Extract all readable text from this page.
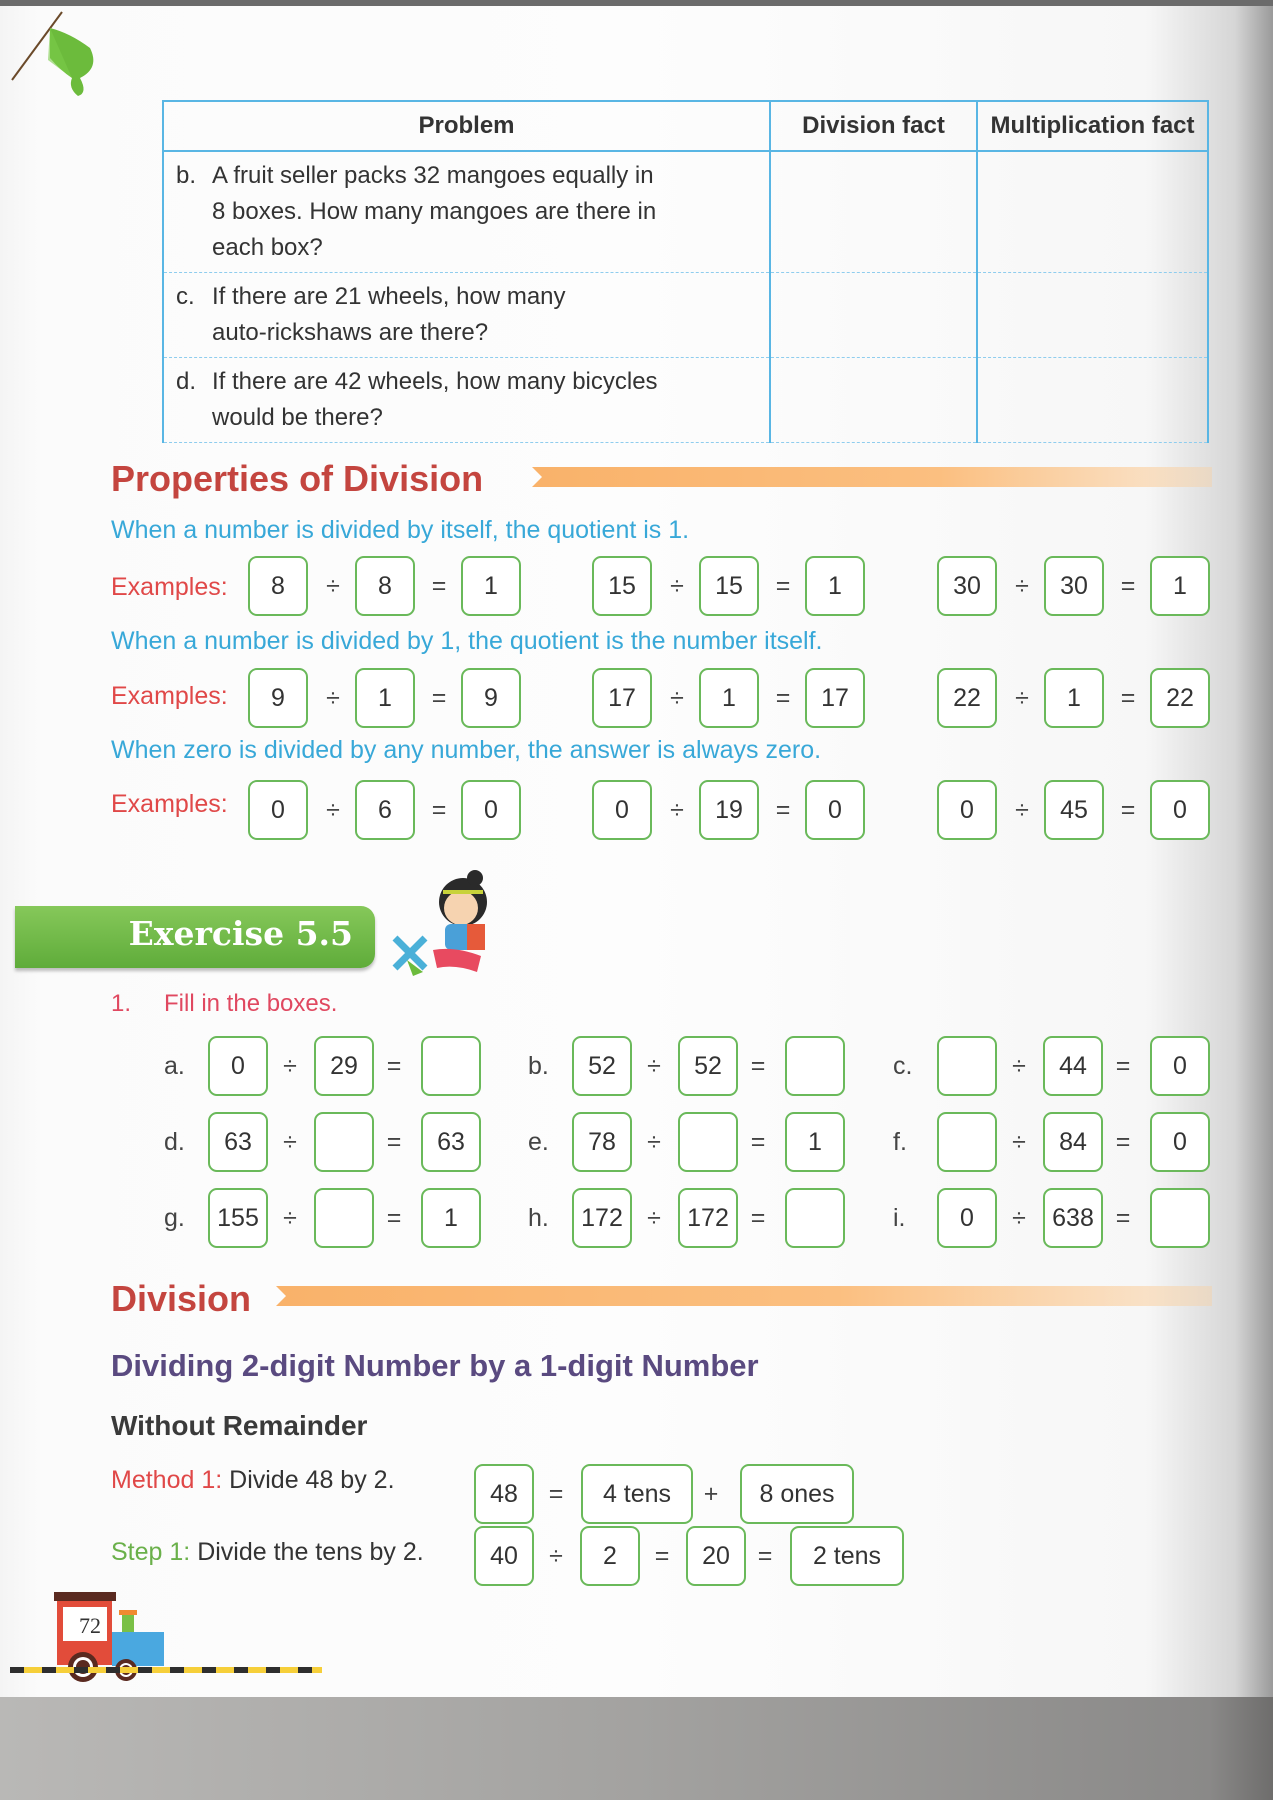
Problem	Division fact	Multiplication fact
b. A fruit seller packs 32 mangoes equally in
8 boxes. How many mangoes are there in
each box?		
c. If there are 21 wheels, how many
auto-rickshaws are there?		
d. If there are 42 wheels, how many bicycles
would be there?		
Properties of Division
When a number is divided by itself, the quotient is 1.
Examples:
When a number is divided by 1, the quotient is the number itself.
Examples:
When zero is divided by any number, the answer is always zero.
Examples:
8	÷	8	=	1	15	÷	15	=	1	30	÷	30	=	1
9	÷	1	=	9	17	÷	1	=	17	22	÷	1	=	22
0	÷	6	=	0	0	÷	19	=	0	0	÷	45	=	0
Exercise 5.5
1. Fill in the boxes.
a.	0	÷	29	=	b.	52	÷	52	=	c.	÷	44	=	0
d.	63	÷	=	63	e.	78	÷	=	1	f.	÷	84	=	0
g.	155 ÷	=	1	h.	172 ÷	172 =	i.	0	÷	638 =
Division
Dividing 2-digit Number by a 1-digit Number
Without Remainder
Method 1: Divide 48 by 2.
Step 1: Divide the tens by 2.
48	=	4 tens	+	8 ones
40	÷	2	=	20	=	2 tens
72
